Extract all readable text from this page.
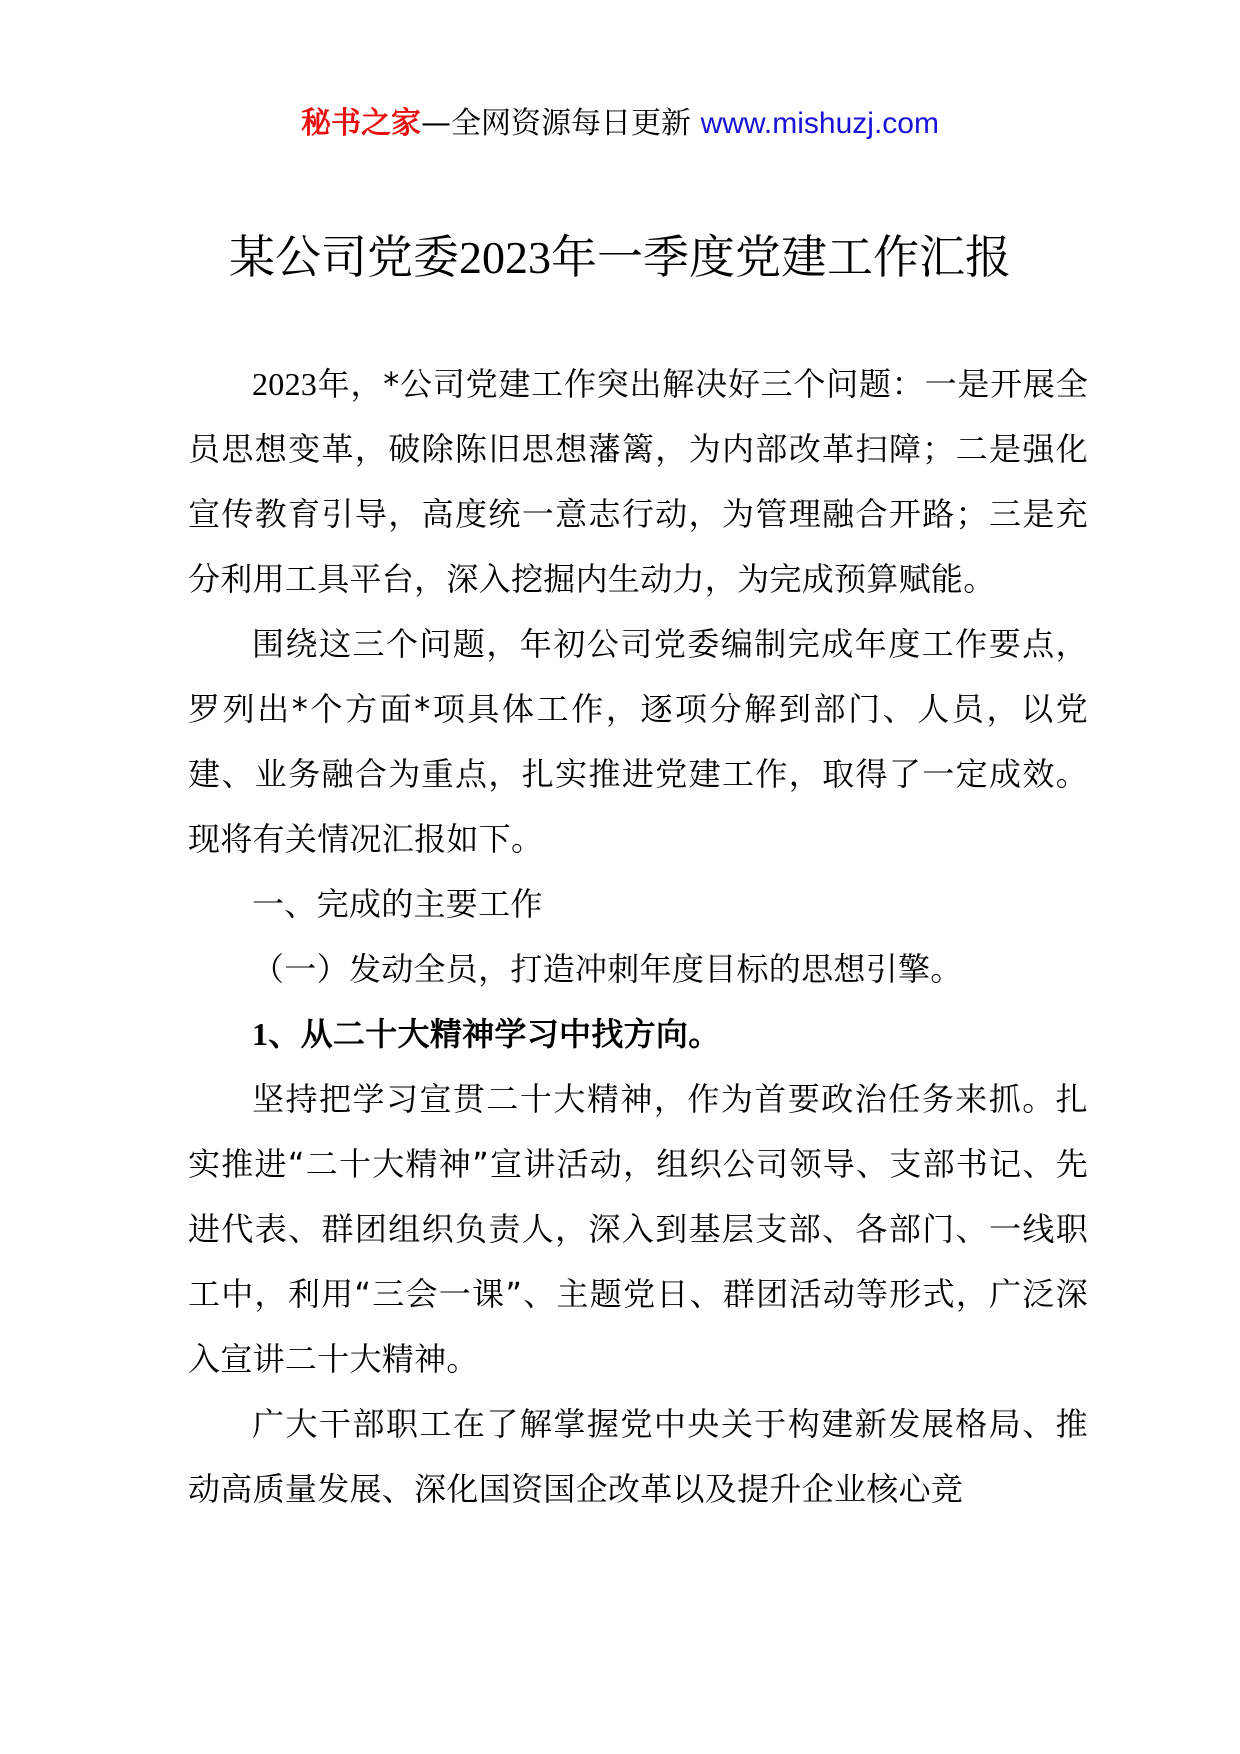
秘书之家—全网资源每日更新 www.mishuzj.com
某公司党委2023年一季度党建工作汇报

2023年，*公司党建工作突出解决好三个问题：一是开展全员思想变革，破除陈旧思想藩篱，为内部改革扫障；二是强化宣传教育引导，高度统一意志行动，为管理融合开路；三是充分利用工具平台，深入挖掘内生动力，为完成预算赋能。

围绕这三个问题，年初公司党委编制完成年度工作要点，罗列出*个方面*项具体工作，逐项分解到部门、人员，以党建、业务融合为重点，扎实推进党建工作，取得了一定成效。现将有关情况汇报如下。

一、完成的主要工作

（一）发动全员，打造冲刺年度目标的思想引擎。

1、从二十大精神学习中找方向。

坚持把学习宣贯二十大精神，作为首要政治任务来抓。扎实推进“二十大精神”宣讲活动，组织公司领导、支部书记、先进代表、群团组织负责人，深入到基层支部、各部门、一线职工中，利用“三会一课”、主题党日、群团活动等形式，广泛深入宣讲二十大精神。

广大干部职工在了解掌握党中央关于构建新发展格局、推动高质量发展、深化国资国企改革以及提升企业核心竞
